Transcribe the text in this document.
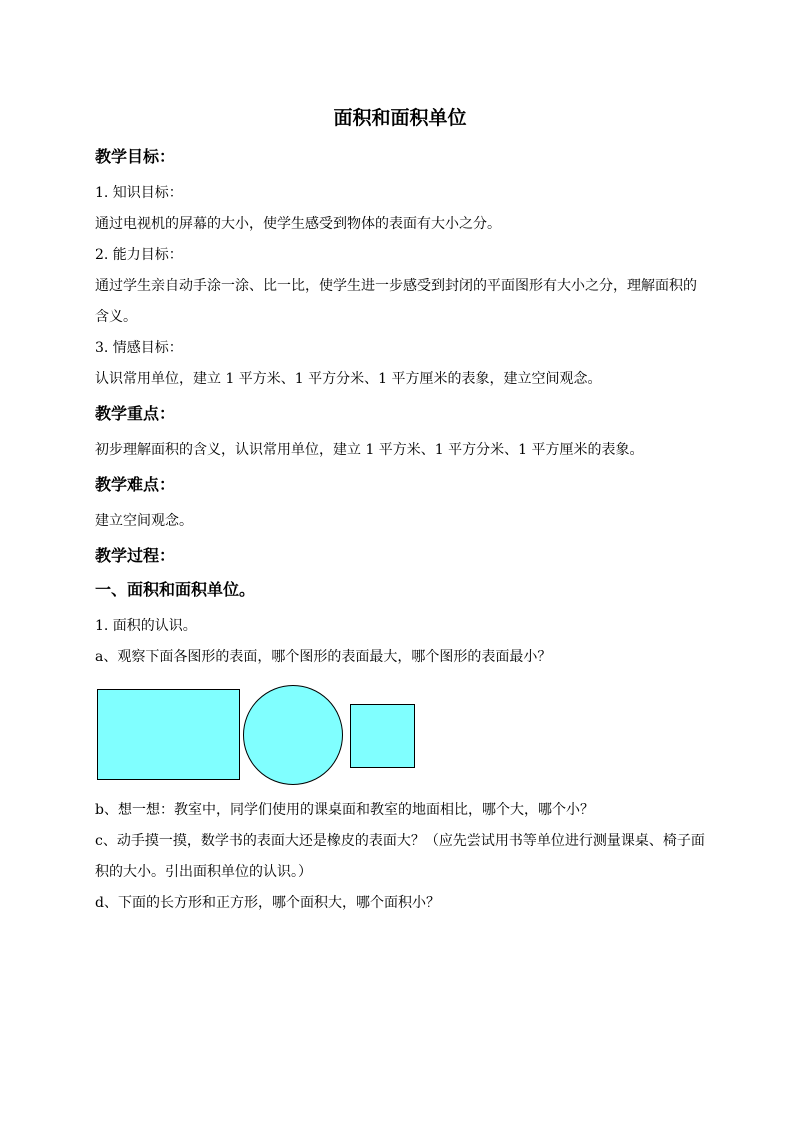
面积和面积单位
教学目标：

1. 知识目标：

通过电视机的屏幕的大小，使学生感受到物体的表面有大小之分。

2. 能力目标：

通过学生亲自动手涂一涂、比一比，使学生进一步感受到封闭的平面图形有大小之分，理解面积的含义。

3. 情感目标：

认识常用单位，建立 1 平方米、1 平方分米、1 平方厘米的表象，建立空间观念。

教学重点：

初步理解面积的含义，认识常用单位，建立 1 平方米、1 平方分米、1 平方厘米的表象。

教学难点：

建立空间观念。

教学过程：
一、面积和面积单位。

1. 面积的认识。

a、观察下面各图形的表面，哪个图形的表面最大，哪个图形的表面最小？

b、想一想：教室中，同学们使用的课桌面和教室的地面相比，哪个大，哪个小？

c、动手摸一摸，数学书的表面大还是橡皮的表面大？（应先尝试用书等单位进行测量课桌、椅子面积的大小。引出面积单位的认识。）

d、下面的长方形和正方形，哪个面积大，哪个面积小？
